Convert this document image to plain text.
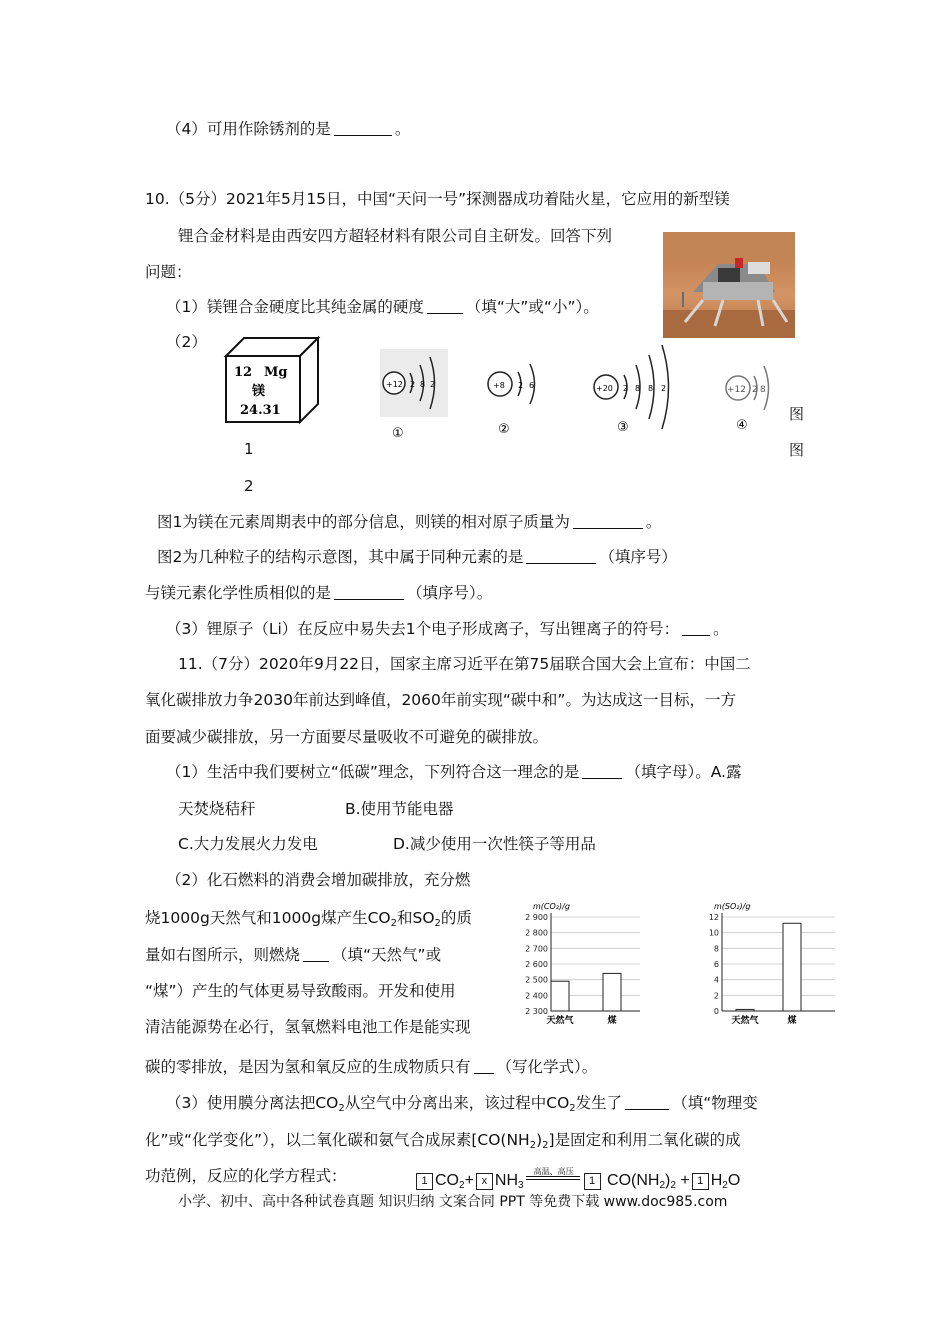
（4）可用作除锈剂的是	。
10.（5分）2021年5月15日，中国“天问一号”探测器成功着陆火星，它应用的新型镁
锂合金材料是由西安四方超轻材料有限公司自主研发。回答下列
问题：
（1）镁锂合金硬度比其纯金属的硬度	（填“大”或“小”）。
（2）
12 Mg
镁
24.31
1
2
+12 2 8 2
①
+8 2 6
②
+20 2 8 8 2
③
+12 2 8
④
图
图
图1为镁在元素周期表中的部分信息，则镁的相对原子质量为	。
图2为几种粒子的结构示意图，其中属于同种元素的是	（填序号）
与镁元素化学性质相似的是	（填序号）。
（3）锂原子（Li）在反应中易失去1个电子形成离子，写出锂离子的符号： 。
11.（7分）2020年9月22日，国家主席习近平在第75届联合国大会上宣布：中国二
氧化碳排放力争2030年前达到峰值，2060年前实现“碳中和”。为达成这一目标，一方
面要减少碳排放，另一方面要尽量吸收不可避免的碳排放。
（1）生活中我们要树立“低碳”理念，下列符合这一理念的是	（填字母）。A.露
天焚烧秸秆	B.使用节能电器
C.大力发展火力发电	D.减少使用一次性筷子等用品
（2）化石燃料的消费会增加碳排放，充分燃
烧1000g天然气和1000g煤产生$CO_2$和$SO_2$的质
量如右图所示，则燃烧 （填“天然气”或
“煤”）产生的气体更易导致酸雨。开发和使用
清洁能源势在必行，氢氧燃料电池工作是能实现
碳的零排放，是因为氢和氧反应的生成物质只有 （写化学式）。
m(CO₂)/g
2 900
2 800
2 700
2 600
2 500
2 400
2 300
天然气	煤
m(SO₂)/g
12
10
8
6
4
2
0
天然气	煤
（3）使用膜分离法把$CO_2$从空气中分离出来，该过程中$CO_2$发生了	（填“物理变
化”或“化学变化”），以二氧化碳和氨气合成尿素$[CO(NH_2)_2]$是固定和利用二氧化碳的成
功范例，反应的化学方程式：	1 $CO_2+ x$ $NH_3$
高温、高压
1 $CO(NH_2)_2 + 1$ $H_2O$
小学、初中、高中各种试卷真题 知识归纳 文案合同 PPT 等免费下载 www.doc985.com
